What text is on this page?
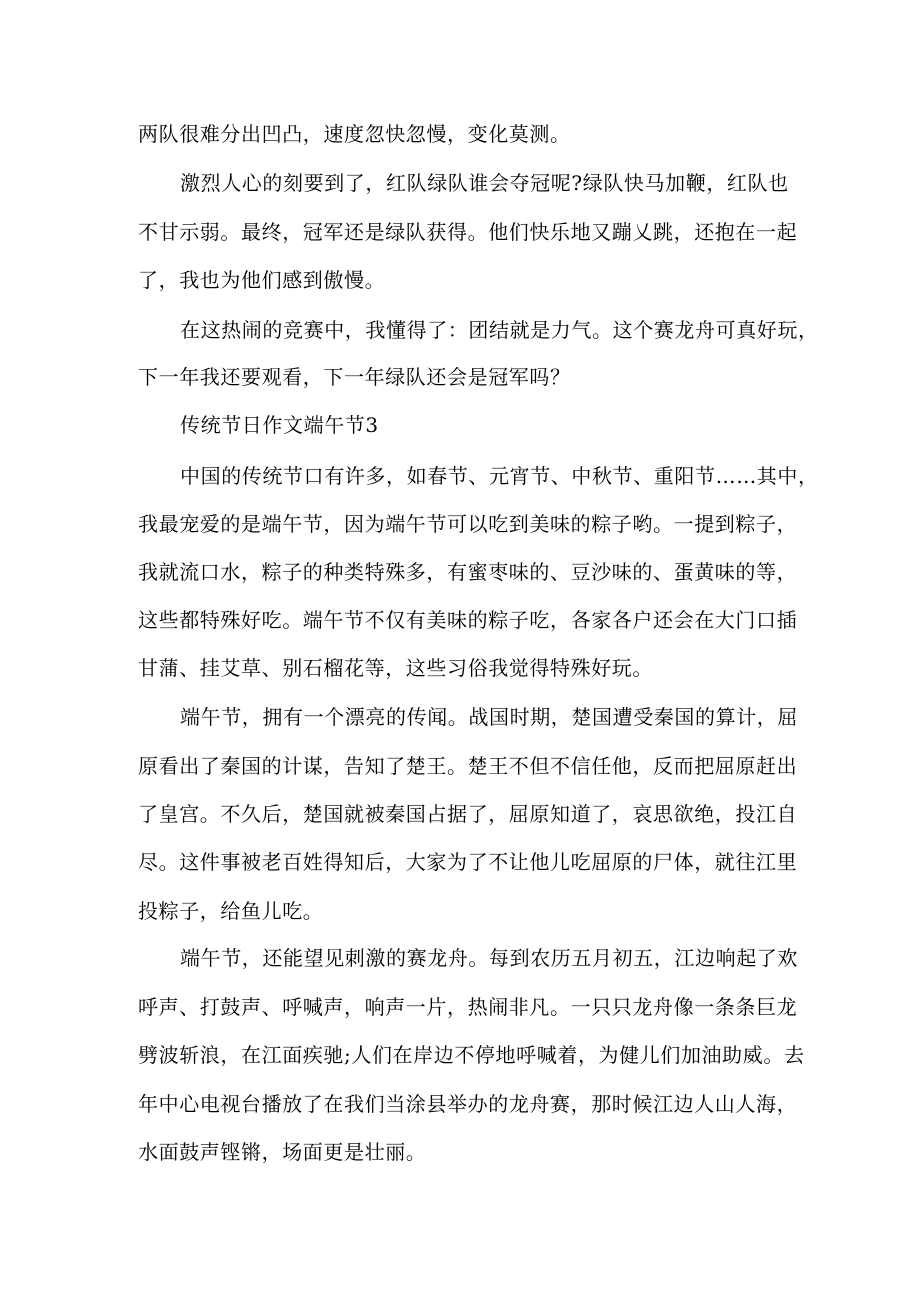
两队很难分出凹凸，速度忽快忽慢，变化莫测。
激烈人心的刻要到了，红队绿队谁会夺冠呢?绿队快马加鞭，红队也
不甘示弱。最终，冠军还是绿队获得。他们快乐地又蹦乂跳，还抱在一起
了，我也为他们感到傲慢。
在这热闹的竞赛中，我懂得了：团结就是力气。这个赛龙舟可真好玩，
下一年我还要观看，下一年绿队还会是冠军吗？
传统节日作文端午节3
中国的传统节口有许多，如春节、元宵节、中秋节、重阳节……其中，
我最宠爱的是端午节，因为端午节可以吃到美味的粽子哟。一提到粽子，
我就流口水，粽子的种类特殊多，有蜜枣味的、豆沙味的、蛋黄味的等，
这些都特殊好吃。端午节不仅有美味的粽子吃，各家各户还会在大门口插
甘蒲、挂艾草、别石榴花等，这些习俗我觉得特殊好玩。
端午节，拥有一个漂亮的传闻。战国时期，楚国遭受秦国的算计，屈
原看出了秦国的计谋，告知了楚王。楚王不但不信任他，反而把屈原赶出
了皇宫。不久后，楚国就被秦国占据了，屈原知道了，哀思欲绝，投江自
尽。这件事被老百姓得知后，大家为了不让他儿吃屈原的尸体，就往江里
投粽子，给鱼儿吃。
端午节，还能望见刺激的赛龙舟。每到农历五月初五，江边响起了欢
呼声、打鼓声、呼喊声，响声一片，热闹非凡。一只只龙舟像一条条巨龙
劈波斩浪，在江面疾驰;人们在岸边不停地呼喊着，为健儿们加油助威。去
年中心电视台播放了在我们当涂县举办的龙舟赛，那时候江边人山人海，
水面鼓声铿锵，场面更是壮丽。
